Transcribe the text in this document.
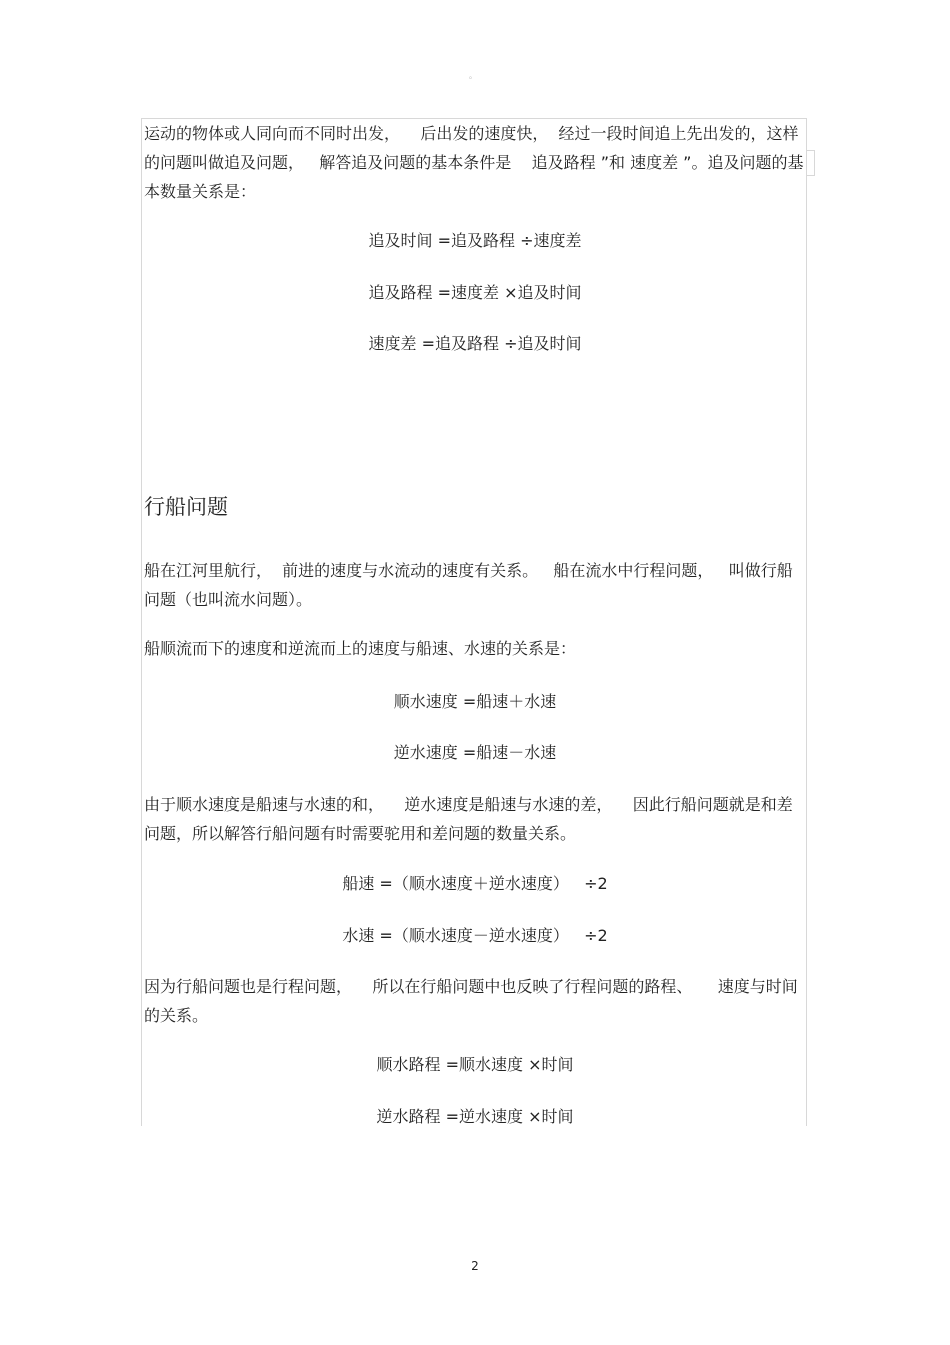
。
运动的物体或人同向而不同时出发，    后出发的速度快，  经过一段时间追上先出发的，这样的问题叫做追及问题，   解答追及问题的基本条件是    追及路程 ”和 速度差 ”。追及问题的基本数量关系是：
追及时间 =追及路程 ÷速度差
追及路程 =速度差 ×追及时间
速度差 =追及路程 ÷追及时间
行船问题
船在江河里航行，  前进的速度与水流动的速度有关系。   船在流水中行程问题，   叫做行船问题（也叫流水问题）。
船顺流而下的速度和逆流而上的速度与船速、水速的关系是：
顺水速度 =船速＋水速
逆水速度 =船速－水速
由于顺水速度是船速与水速的和，    逆水速度是船速与水速的差，    因此行船问题就是和差问题，所以解答行船问题有时需要驼用和差问题的数量关系。
船速 =（顺水速度＋逆水速度）   ÷2
水速 =（顺水速度－逆水速度）   ÷2
因为行船问题也是行程问题，    所以在行船问题中也反映了行程问题的路程、     速度与时间的关系。
顺水路程 =顺水速度 ×时间
逆水路程 =逆水速度 ×时间
2
